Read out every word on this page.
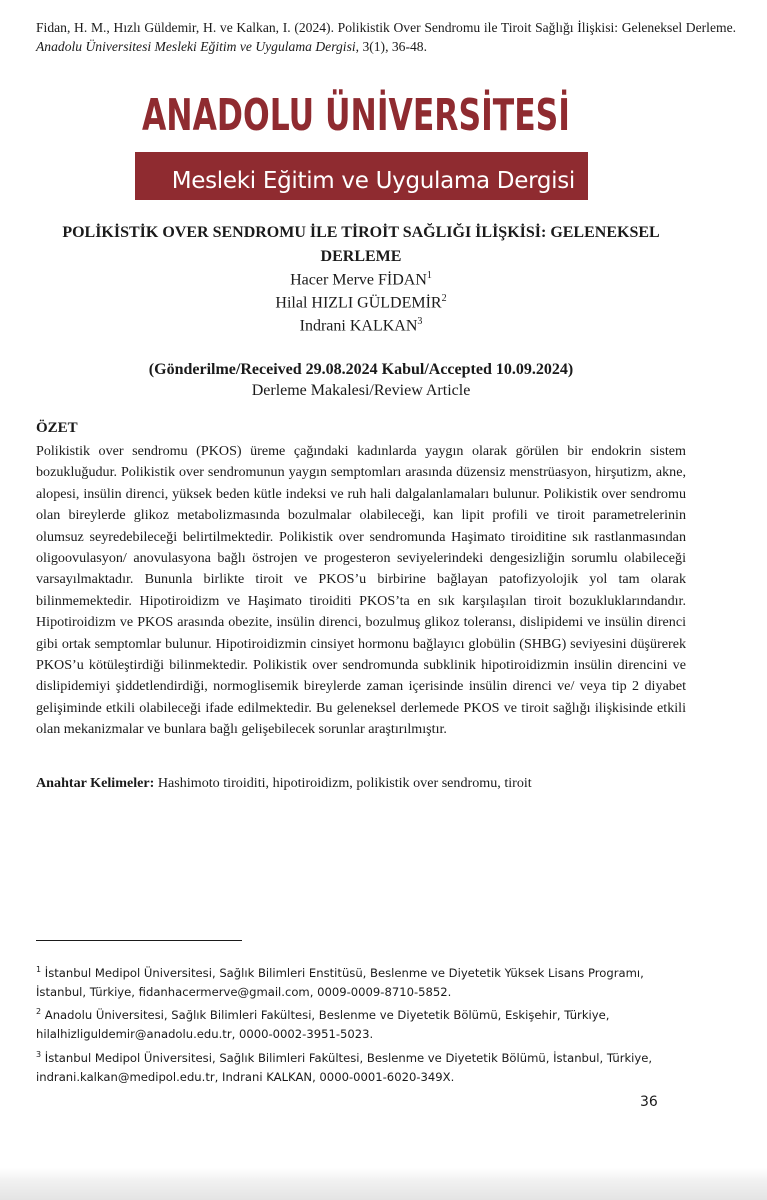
Fidan, H. M., Hızlı Güldemir, H. ve Kalkan, I. (2024). Polikistik Over Sendromu ile Tiroit Sağlığı İlişkisi: Geleneksel Derleme. Anadolu Üniversitesi Mesleki Eğitim ve Uygulama Dergisi, 3(1), 36-48.

ANADOLU ÜNİVERSİTESİ
Mesleki Eğitim ve Uygulama Dergisi
POLİKİSTİK OVER SENDROMU İLE TİROİT SAĞLIĞI İLİŞKİSİ: GELENEKSEL DERLEME

Hacer Merve FİDAN$^1$

Hilal HIZLI GÜLDEMİR$^2$

Indrani KALKAN$^3$

(Gönderilme/Received 29.08.2024 Kabul/Accepted 10.09.2024)

Derleme Makalesi/Review Article

ÖZET

Polikistik over sendromu (PKOS) üreme çağındaki kadınlarda yaygın olarak görülen bir endokrin sistem bozukluğudur. Polikistik over sendromunun yaygın semptomları arasında düzensiz menstrüasyon, hirşutizm, akne, alopesi, insülin direnci, yüksek beden kütle indeksi ve ruh hali dalgalanlamaları bulunur. Polikistik over sendromu olan bireylerde glikoz metabolizmasında bozulmalar olabileceği, kan lipit profili ve tiroit parametrelerinin olumsuz seyredebileceği belirtilmektedir. Polikistik over sendromunda Haşimato tiroiditine sık rastlanmasından oligoovulasyon/ anovulasyona bağlı östrojen ve progesteron seviyelerindeki dengesizliğin sorumlu olabileceği varsayılmaktadır. Bununla birlikte tiroit ve PKOS’u birbirine bağlayan patofizyolojik yol tam olarak bilinmemektedir. Hipotiroidizm ve Haşimato tiroiditi PKOS’ta en sık karşılaşılan tiroit bozukluklarındandır. Hipotiroidizm ve PKOS arasında obezite, insülin direnci, bozulmuş glikoz toleransı, dislipidemi ve insülin direnci gibi ortak semptomlar bulunur. Hipotiroidizmin cinsiyet hormonu bağlayıcı globülin (SHBG) seviyesini düşürerek PKOS’u kötüleştirdiği bilinmektedir. Polikistik over sendromunda subklinik hipotiroidizmin insülin direncini ve dislipidemiyi şiddetlendirdiği, normoglisemik bireylerde zaman içerisinde insülin direnci ve/ veya tip 2 diyabet gelişiminde etkili olabileceği ifade edilmektedir. Bu geleneksel derlemede PKOS ve tiroit sağlığı ilişkisinde etkili olan mekanizmalar ve bunlara bağlı gelişebilecek sorunlar araştırılmıştır.

Anahtar Kelimeler: Hashimoto tiroiditi, hipotiroidizm, polikistik over sendromu, tiroit

$^1$ İstanbul Medipol Üniversitesi, Sağlık Bilimleri Enstitüsü, Beslenme ve Diyetetik Yüksek Lisans Programı, İstanbul, Türkiye, fidanhacermerve@gmail.com, 0009-0009-8710-5852.

$^2$ Anadolu Üniversitesi, Sağlık Bilimleri Fakültesi, Beslenme ve Diyetetik Bölümü, Eskişehir, Türkiye, hilalhizliguldemir@anadolu.edu.tr, 0000-0002-3951-5023.

$^3$ İstanbul Medipol Üniversitesi, Sağlık Bilimleri Fakültesi, Beslenme ve Diyetetik Bölümü, İstanbul, Türkiye, indrani.kalkan@medipol.edu.tr, Indrani KALKAN, 0000-0001-6020-349X.

36
